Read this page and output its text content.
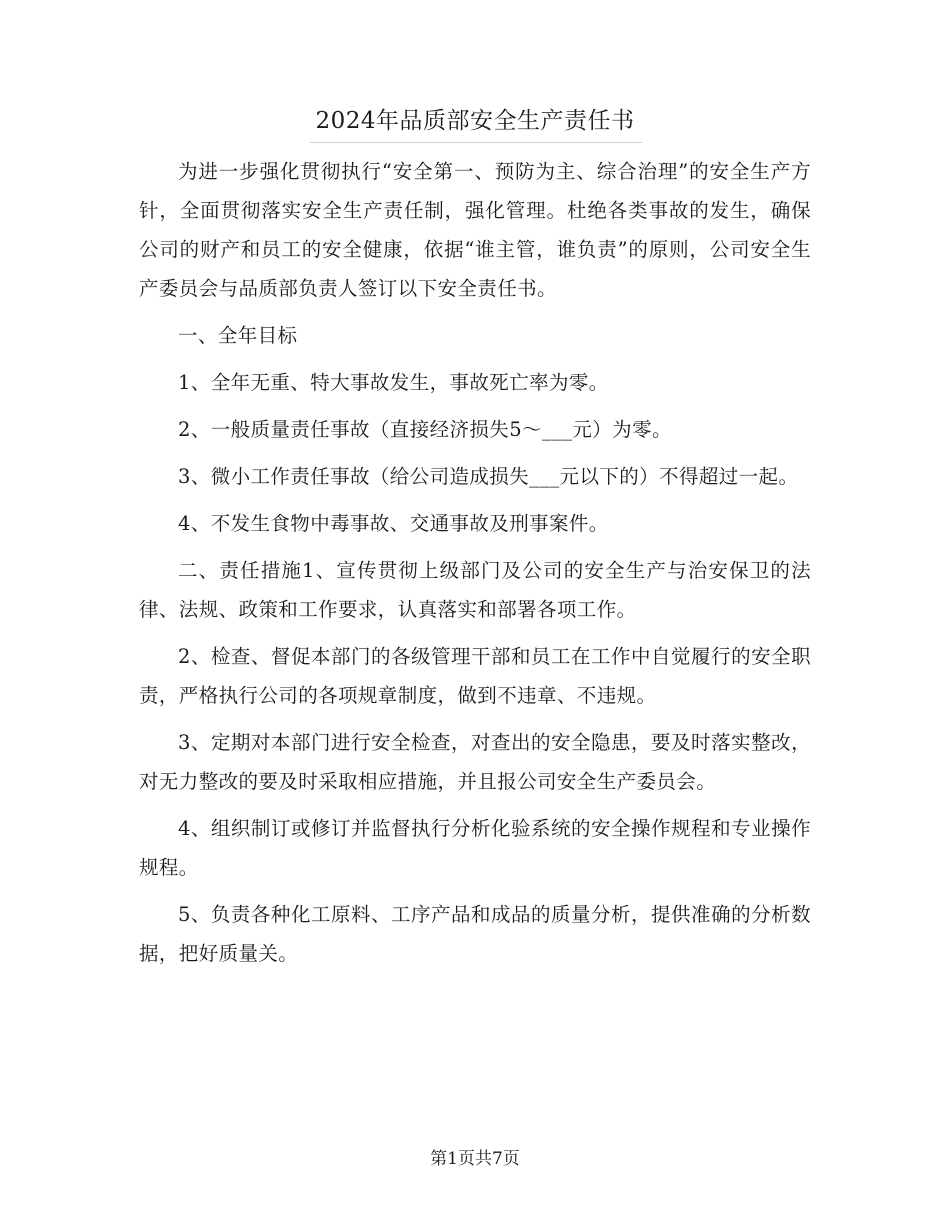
2024年品质部安全生产责任书

为进一步强化贯彻执行“安全第一、预防为主、综合治理”的安全生产方针，全面贯彻落实安全生产责任制，强化管理。杜绝各类事故的发生，确保公司的财产和员工的安全健康，依据“谁主管，谁负责”的原则，公司安全生产委员会与品质部负责人签订以下安全责任书。

一、全年目标

1、全年无重、特大事故发生，事故死亡率为零。

2、一般质量责任事故（直接经济损失5～___元）为零。

3、微小工作责任事故（给公司造成损失___元以下的）不得超过一起。

4、不发生食物中毒事故、交通事故及刑事案件。

二、责任措施1、宣传贯彻上级部门及公司的安全生产与治安保卫的法律、法规、政策和工作要求，认真落实和部署各项工作。

2、检查、督促本部门的各级管理干部和员工在工作中自觉履行的安全职责，严格执行公司的各项规章制度，做到不违章、不违规。

3、定期对本部门进行安全检查，对查出的安全隐患，要及时落实整改，对无力整改的要及时采取相应措施，并且报公司安全生产委员会。

4、组织制订或修订并监督执行分析化验系统的安全操作规程和专业操作规程。

5、负责各种化工原料、工序产品和成品的质量分析，提供准确的分析数据，把好质量关。

第1页共7页
